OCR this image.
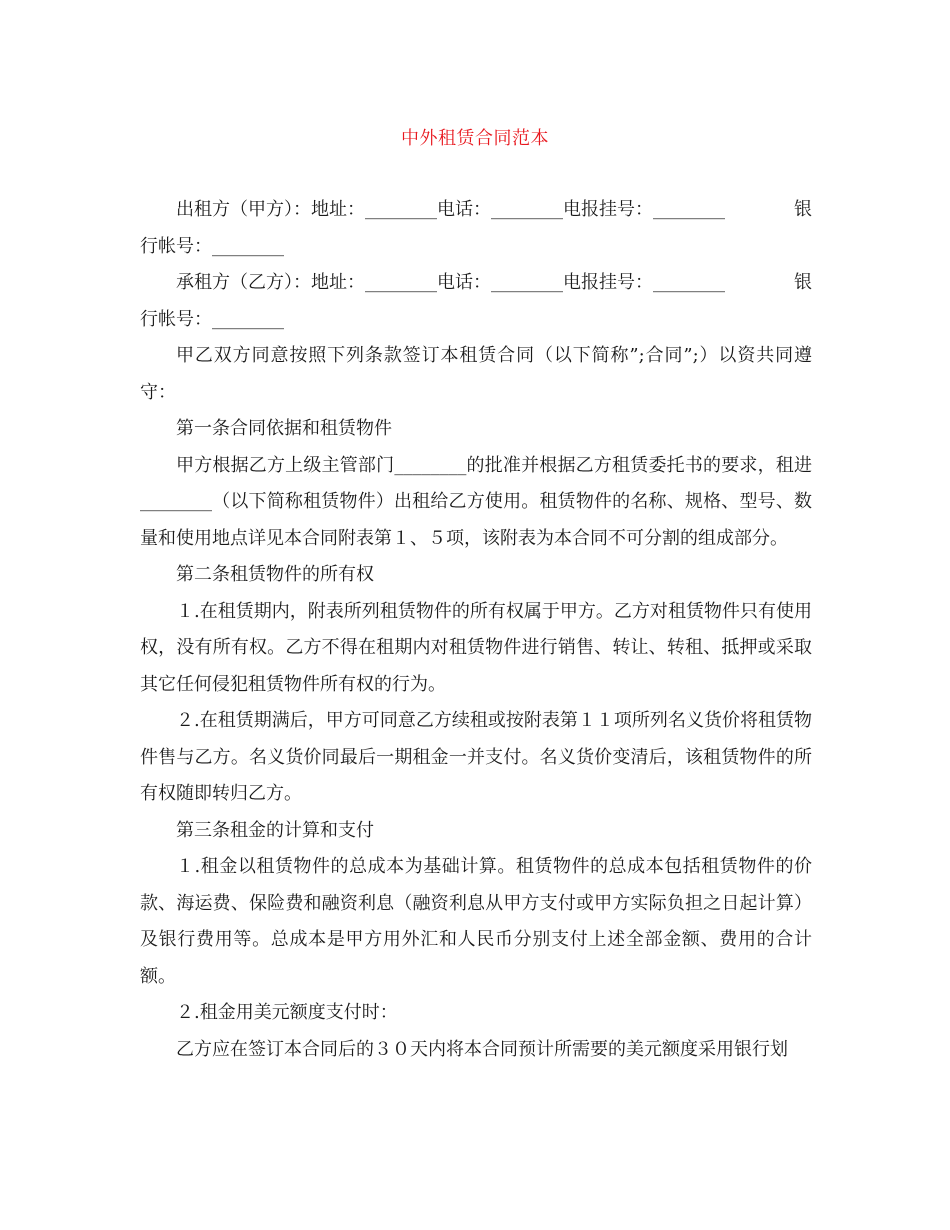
中外租赁合同范本
出租方（甲方）：地址：________电话：________电报挂号：________	银
行帐号：________
承租方（乙方）：地址：________电话：________电报挂号：________	银
行帐号：________

甲乙双方同意按照下列条款签订本租赁合同（以下简称”;合同”;）以资共同遵守：

第一条合同依据和租赁物件

甲方根据乙方上级主管部门________的批准并根据乙方租赁委托书的要求，租进________（以下简称租赁物件）出租给乙方使用。租赁物件的名称、规格、型号、数量和使用地点详见本合同附表第１、５项，该附表为本合同不可分割的组成部分。

第二条租赁物件的所有权

１.在租赁期内，附表所列租赁物件的所有权属于甲方。乙方对租赁物件只有使用权，没有所有权。乙方不得在租期内对租赁物件进行销售、转让、转租、抵押或采取其它任何侵犯租赁物件所有权的行为。

２.在租赁期满后，甲方可同意乙方续租或按附表第１１项所列名义货价将租赁物件售与乙方。名义货价同最后一期租金一并支付。名义货价变清后，该租赁物件的所有权随即转归乙方。

第三条租金的计算和支付

１.租金以租赁物件的总成本为基础计算。租赁物件的总成本包括租赁物件的价款、海运费、保险费和融资利息（融资利息从甲方支付或甲方实际负担之日起计算）及银行费用等。总成本是甲方用外汇和人民币分别支付上述全部金额、费用的合计额。

２.租金用美元额度支付时：

乙方应在签订本合同后的３０天内将本合同预计所需要的美元额度采用银行划
